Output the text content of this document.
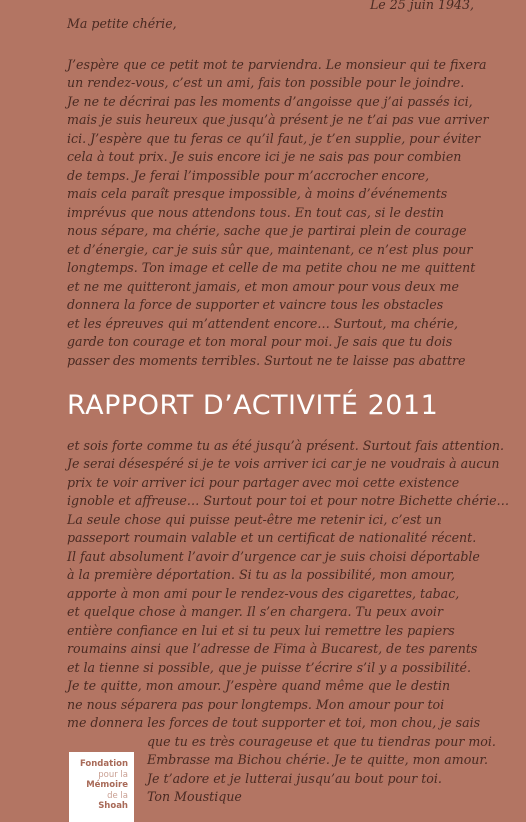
Le 25 juin 1943,
Ma petite chérie,
J’espère que ce petit mot te parviendra. Le monsieur qui te fixera
un rendez-vous, c’est un ami, fais ton possible pour le joindre.
Je ne te décrirai pas les moments d’angoisse que j’ai passés ici,
mais je suis heureux que jusqu’à présent je ne t’ai pas vue arriver
ici. J’espère que tu feras ce qu’il faut, je t’en supplie, pour éviter
cela à tout prix. Je suis encore ici je ne sais pas pour combien
de temps. Je ferai l’impossible pour m’accrocher encore,
mais cela paraît presque impossible, à moins d’événements
imprévus que nous attendons tous. En tout cas, si le destin
nous sépare, ma chérie, sache que je partirai plein de courage
et d’énergie, car je suis sûr que, maintenant, ce n’est plus pour
longtemps. Ton image et celle de ma petite chou ne me quittent
et ne me quitteront jamais, et mon amour pour vous deux me
donnera la force de supporter et vaincre tous les obstacles
et les épreuves qui m’attendent encore… Surtout, ma chérie,
garde ton courage et ton moral pour moi. Je sais que tu dois
passer des moments terribles. Surtout ne te laisse pas abattre
RAPPORT D’ACTIVITÉ 2011
et sois forte comme tu as été jusqu’à présent. Surtout fais attention.
Je serai désespéré si je te vois arriver ici car je ne voudrais à aucun
prix te voir arriver ici pour partager avec moi cette existence
ignoble et affreuse… Surtout pour toi et pour notre Bichette chérie…
La seule chose qui puisse peut-être me retenir ici, c’est un
passeport roumain valable et un certificat de nationalité récent.
Il faut absolument l’avoir d’urgence car je suis choisi déportable
à la première déportation. Si tu as la possibilité, mon amour,
apporte à mon ami pour le rendez-vous des cigarettes, tabac,
et quelque chose à manger. Il s’en chargera. Tu peux avoir
entière confiance en lui et si tu peux lui remettre les papiers
roumains ainsi que l’adresse de Fima à Bucarest, de tes parents
et la tienne si possible, que je puisse t’écrire s’il y a possibilité.
Je te quitte, mon amour. J’espère quand même que le destin
ne nous séparera pas pour longtemps. Mon amour pour toi
me donnera les forces de tout supporter et toi, mon chou, je sais
que tu es très courageuse et que tu tiendras pour moi.
Embrasse ma Bichou chérie. Je te quitte, mon amour.
Je t’adore et je lutterai jusqu’au bout pour toi.
Ton Moustique
Fondation
pour la
Mémoire
de la
Shoah
